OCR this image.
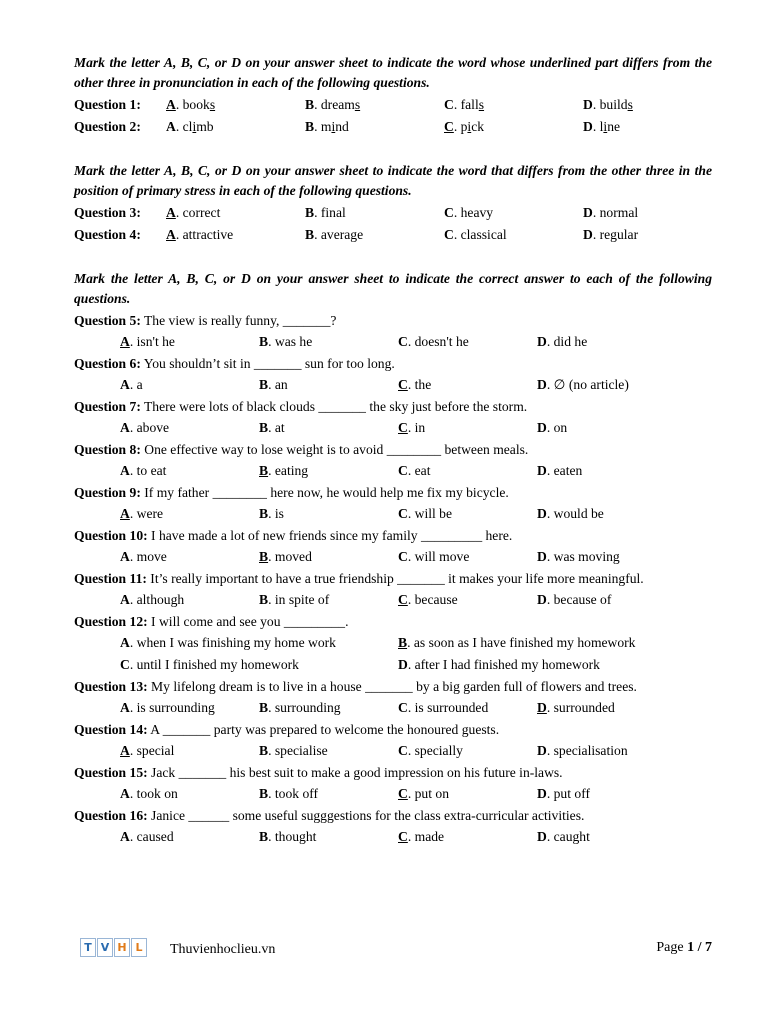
Mark the letter A, B, C, or D on your answer sheet to indicate the word whose underlined part differs from the other three in pronunciation in each of the following questions.
Question 1:	A. books	B. dreams	C. falls	D. builds
Question 2:	A. climb	B. mind	C. pick	D. line
Mark the letter A, B, C, or D on your answer sheet to indicate the word that differs from the other three in the position of primary stress in each of the following questions.
Question 3:	A. correct	B. final	C. heavy	D. normal
Question 4:	A. attractive	B. average	C. classical	D. regular
Mark the letter A, B, C, or D on your answer sheet to indicate the correct answer to each of the following questions.
Question 5: The view is really funny, _______?
A. isn't he	B. was he	C. doesn't he	D. did he
Question 6: You shouldn’t sit in _______ sun for too long.
A. a	B. an	C. the	D. ∅ (no article)
Question 7: There were lots of black clouds _______ the sky just before the storm.
A. above	B. at	C. in	D. on
Question 8: One effective way to lose weight is to avoid ________ between meals.
A. to eat	B. eating	C. eat	D. eaten
Question 9: If my father ________ here now, he would help me fix my bicycle.
A. were	B. is	C. will be	D. would be
Question 10: I have made a lot of new friends since my family _________ here.
A. move	B. moved	C. will move	D. was moving
Question 11: It’s really important to have a true friendship _______ it makes your life more meaningful.
A. although	B. in spite of	C. because	D. because of
Question 12: I will come and see you _________.
A. when I was finishing my home work	B. as soon as I have finished my homework
C. until I finished my homework	D. after I had finished my homework
Question 13: My lifelong dream is to live in a house _______ by a big garden full of flowers and trees.
A. is surrounding	B. surrounding	C. is surrounded	D. surrounded
Question 14: A _______ party was prepared to welcome the honoured guests.
A. special	B. specialise	C. specially	D. specialisation
Question 15: Jack _______ his best suit to make a good impression on his future in-laws.
A. took on	B. took off	C. put on	D. put off
Question 16: Janice ______ some useful sugggestions for the class extra-curricular activities.
A. caused	B. thought	C. made	D. caught
T V H L	Thuvienhoclieu.vn	Page 1 / 7
